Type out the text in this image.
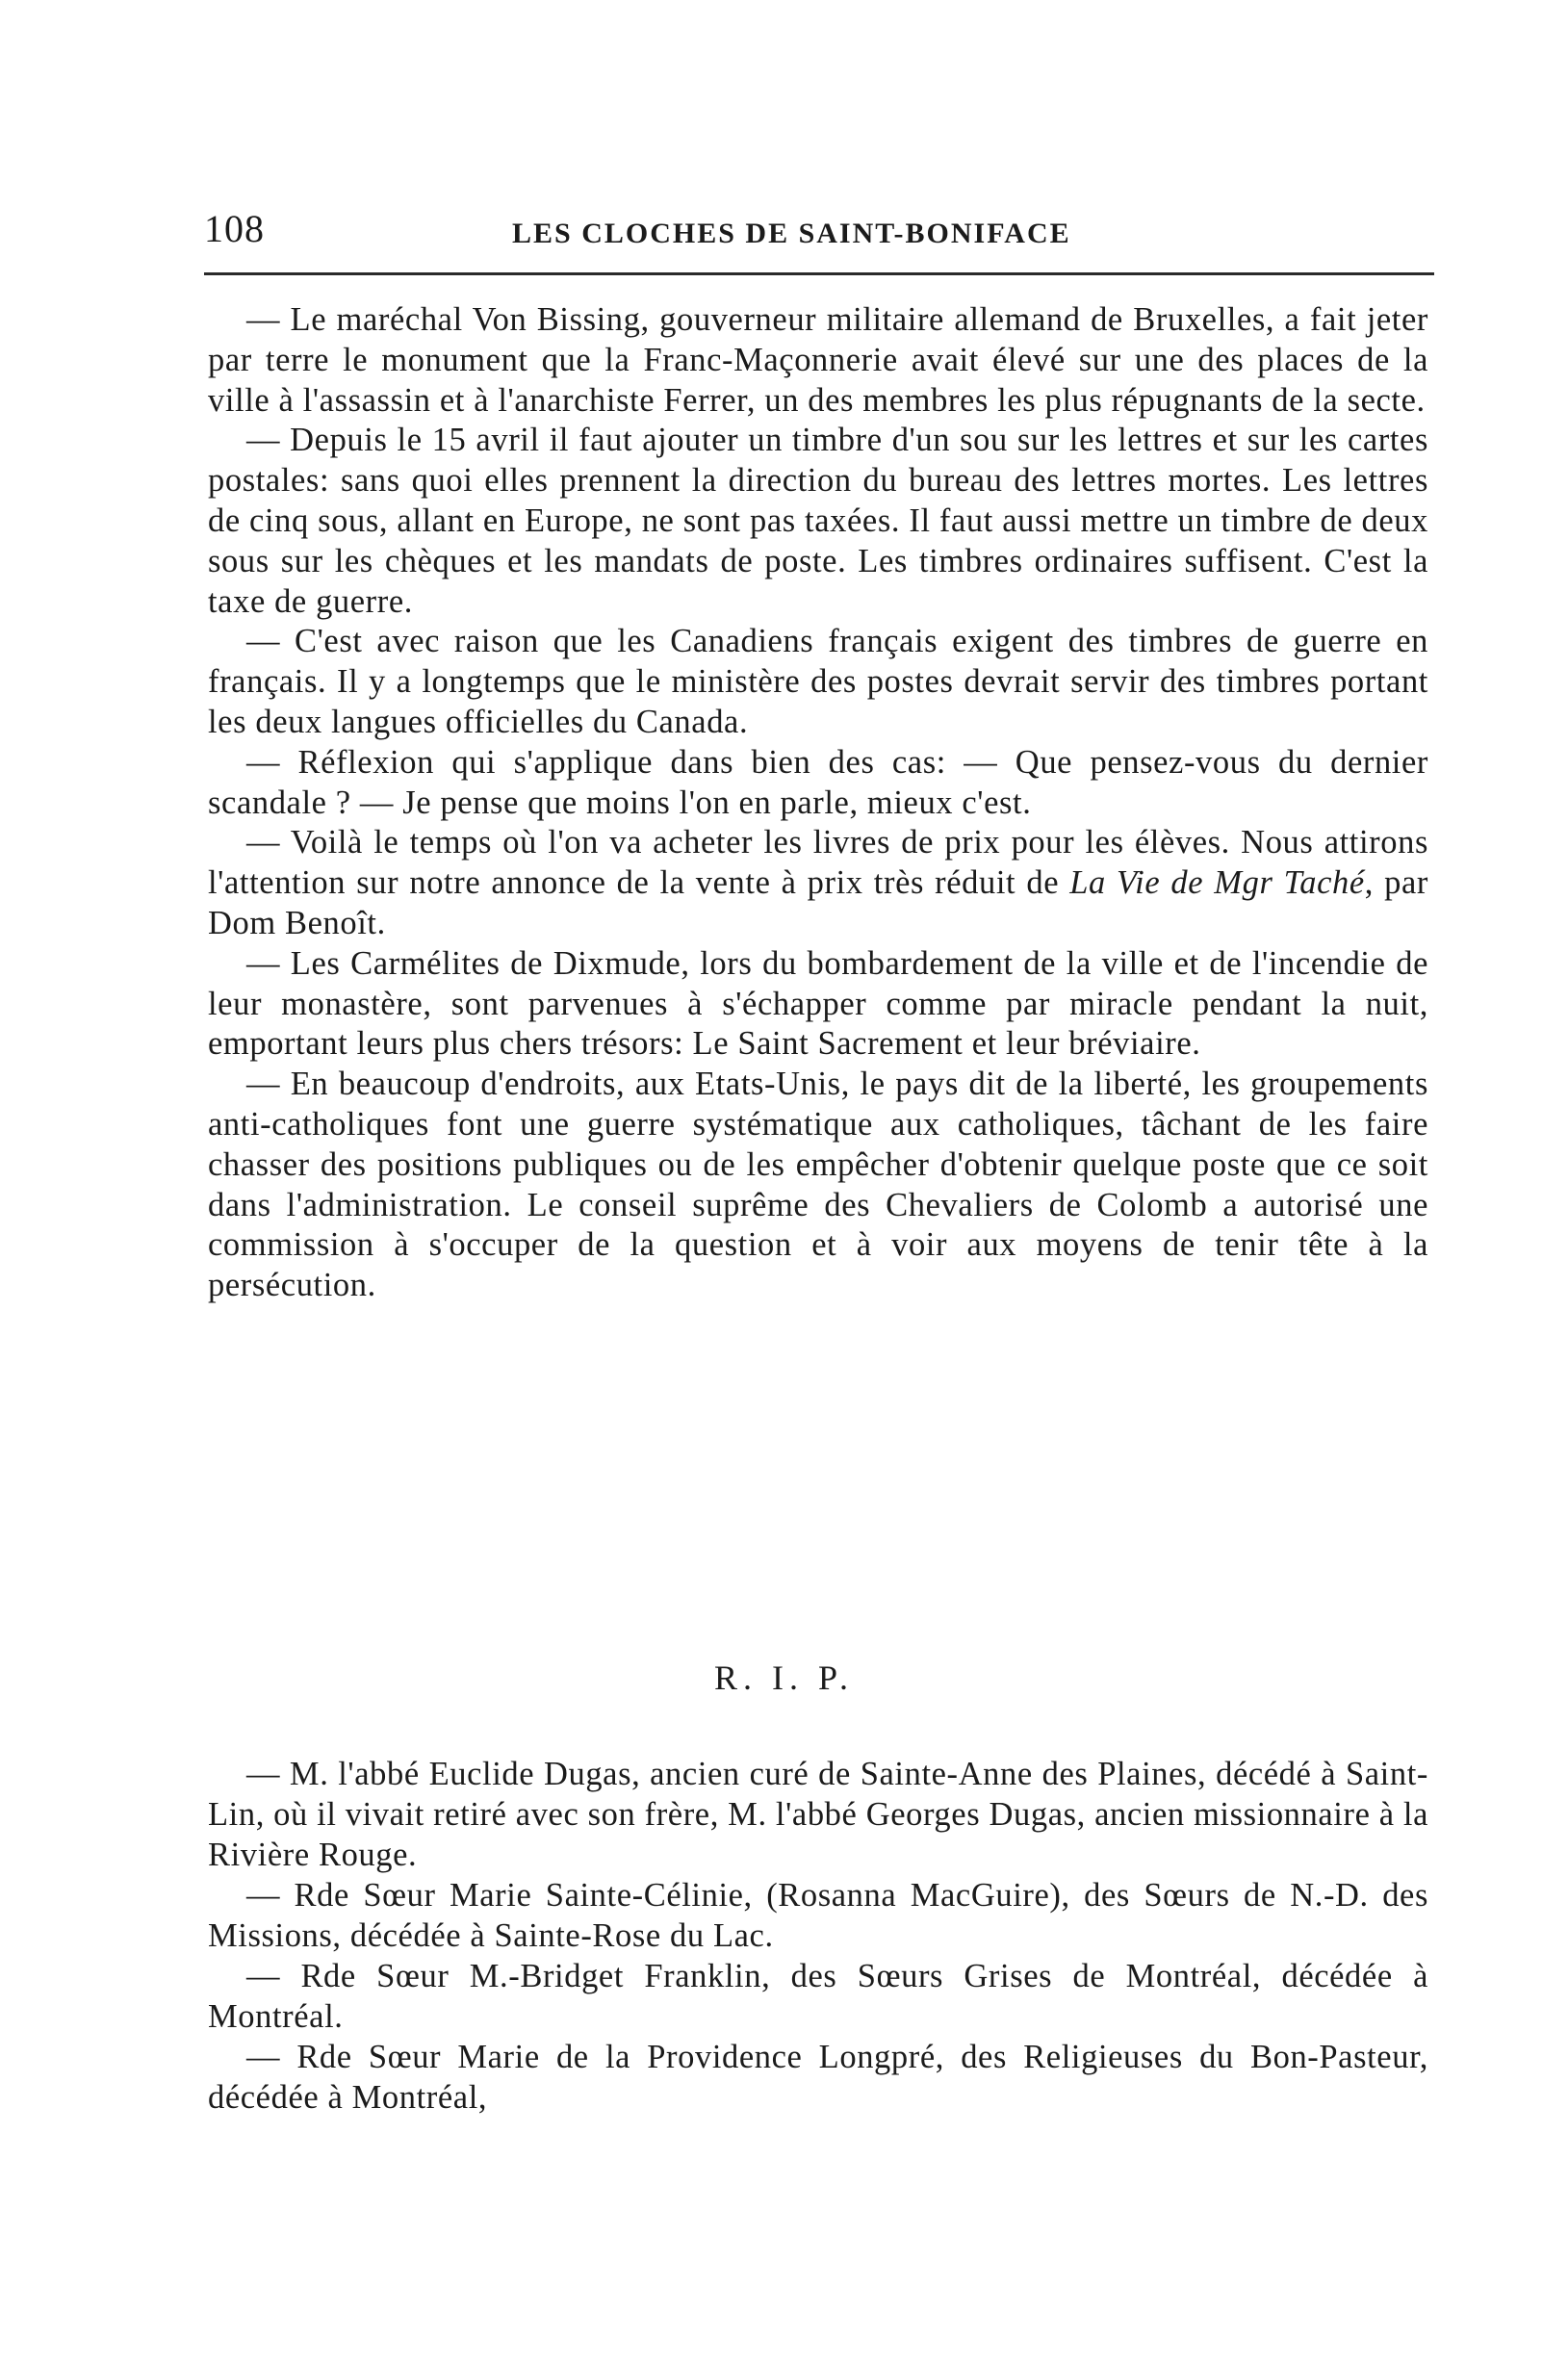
108	LES CLOCHES DE SAINT-BONIFACE

— Le maréchal Von Bissing, gouverneur militaire allemand de Bruxelles, a fait jeter par terre le monument que la Franc-Maçonnerie avait élevé sur une des places de la ville à l'assassin et à l'anarchiste Ferrer, un des membres les plus répugnants de la secte.

— Depuis le 15 avril il faut ajouter un timbre d'un sou sur les lettres et sur les cartes postales: sans quoi elles prennent la direction du bureau des lettres mortes. Les lettres de cinq sous, allant en Europe, ne sont pas taxées. Il faut aussi mettre un timbre de deux sous sur les chèques et les mandats de poste. Les timbres ordinaires suffisent. C'est la taxe de guerre.

— C'est avec raison que les Canadiens français exigent des timbres de guerre en français. Il y a longtemps que le ministère des postes devrait servir des timbres portant les deux langues officielles du Canada.

— Réflexion qui s'applique dans bien des cas: — Que pensez-vous du dernier scandale ? — Je pense que moins l'on en parle, mieux c'est.

— Voilà le temps où l'on va acheter les livres de prix pour les élèves. Nous attirons l'attention sur notre annonce de la vente à prix très réduit de La Vie de Mgr Taché, par Dom Benoît.

— Les Carmélites de Dixmude, lors du bombardement de la ville et de l'incendie de leur monastère, sont parvenues à s'échapper comme par miracle pendant la nuit, emportant leurs plus chers trésors: Le Saint Sacrement et leur bréviaire.

— En beaucoup d'endroits, aux Etats-Unis, le pays dit de la liberté, les groupements anti-catholiques font une guerre systématique aux catholiques, tâchant de les faire chasser des positions publiques ou de les empêcher d'obtenir quelque poste que ce soit dans l'administration. Le conseil suprême des Chevaliers de Colomb a autorisé une commission à s'occuper de la question et à voir aux moyens de tenir tête à la persécution.

R. I. P.

— M. l'abbé Euclide Dugas, ancien curé de Sainte-Anne des Plaines, décédé à Saint-Lin, où il vivait retiré avec son frère, M. l'abbé Georges Dugas, ancien missionnaire à la Rivière Rouge.

— Rde Sœur Marie Sainte-Célinie, (Rosanna MacGuire), des Sœurs de N.-D. des Missions, décédée à Sainte-Rose du Lac.

— Rde Sœur M.-Bridget Franklin, des Sœurs Grises de Montréal, décédée à Montréal.

— Rde Sœur Marie de la Providence Longpré, des Religieuses du Bon-Pasteur, décédée à Montréal,
